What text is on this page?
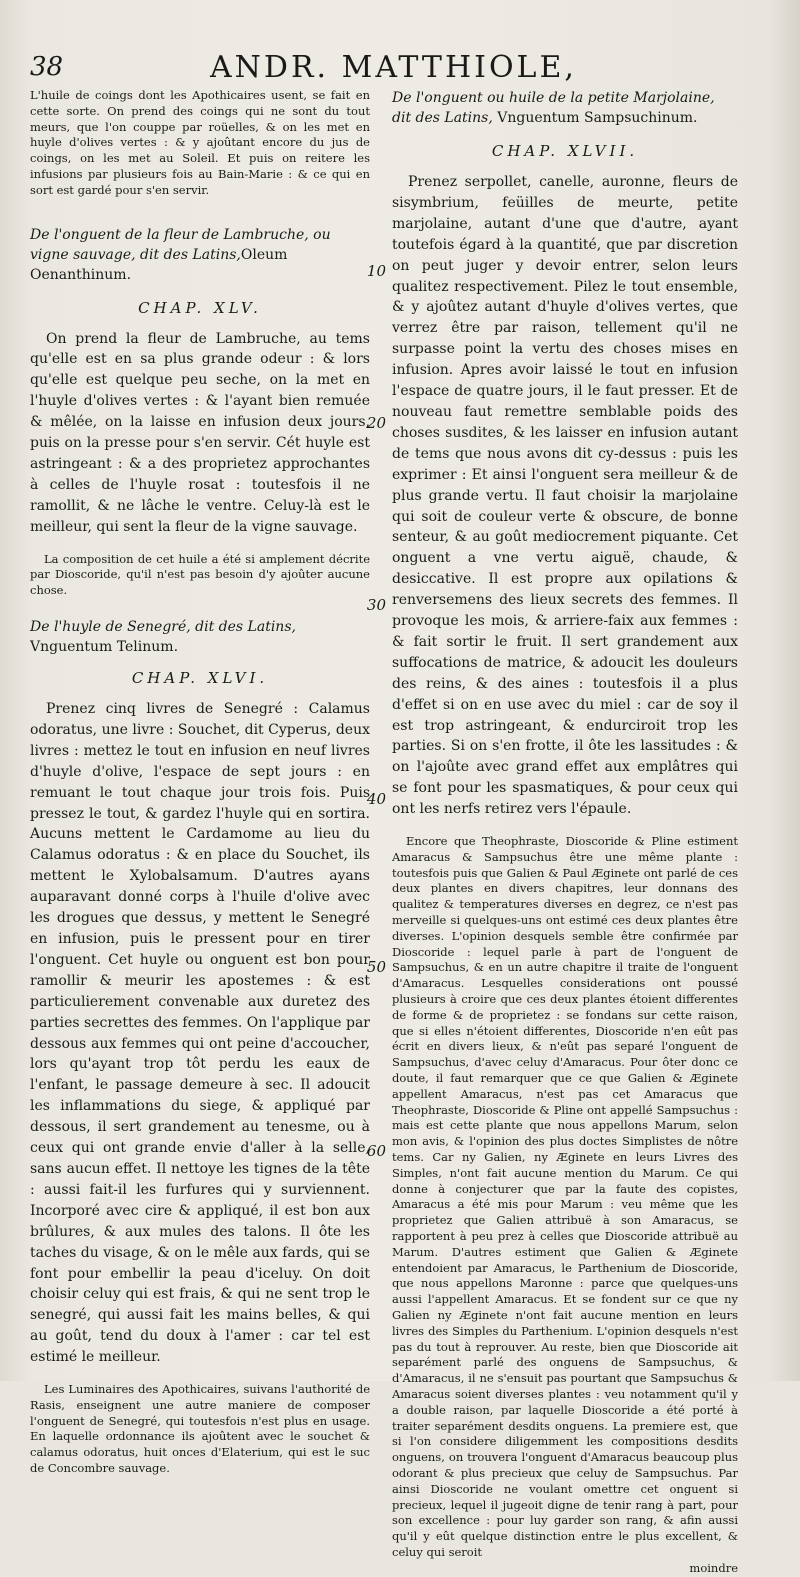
38	ANDR. MATTHIOLE,

L'huile de coings dont les Apothicaires usent, se fait en cette sorte. On prend des coings qui ne sont du tout meurs, que l'on couppe par roüelles, & on les met en huyle d'olives vertes : & y ajoûtant encore du jus de coings, on les met au Soleil. Et puis on reitere les infusions par plusieurs fois au Bain-Marie : & ce qui en sort est gardé pour s'en servir.

De l'onguent de la fleur de Lambruche, ou vigne sauvage, dit des Latins,Oleum Oenanthinum.

CHAP. XLV.

On prend la fleur de Lambruche, au tems qu'elle est en sa plus grande odeur : & lors qu'elle est quelque peu seche, on la met en l'huyle d'olives vertes : & l'ayant bien remuée & mêlée, on la laisse en infusion deux jours, puis on la presse pour s'en servir. Cét huyle est astringeant : & a des proprietez approchantes à celles de l'huyle rosat : toutesfois il ne ramollit, & ne lâche le ventre. Celuy-là est le meilleur, qui sent la fleur de la vigne sauvage.

La composition de cet huile a été si amplement décrite par Dioscoride, qu'il n'est pas besoin d'y ajoûter aucune chose.

De l'huyle de Senegré, dit des Latins, Vnguentum Telinum.

CHAP. XLVI.

Prenez cinq livres de Senegré : Calamus odoratus, une livre : Souchet, dit Cyperus, deux livres : mettez le tout en infusion en neuf livres d'huyle d'olive, l'espace de sept jours : en remuant le tout chaque jour trois fois. Puis pressez le tout, & gardez l'huyle qui en sortira. Aucuns mettent le Cardamome au lieu du Calamus odoratus : & en place du Souchet, ils mettent le Xylobalsamum. D'autres ayans auparavant donné corps à l'huile d'olive avec les drogues que dessus, y mettent le Senegré en infusion, puis le pressent pour en tirer l'onguent. Cet huyle ou onguent est bon pour ramollir & meurir les apostemes : & est particulierement convenable aux duretez des parties secrettes des femmes. On l'applique par dessous aux femmes qui ont peine d'accoucher, lors qu'ayant trop tôt perdu les eaux de l'enfant, le passage demeure à sec. Il adoucit les inflammations du siege, & appliqué par dessous, il sert grandement au tenesme, ou à ceux qui ont grande envie d'aller à la selle, sans aucun effet. Il nettoye les tignes de la tête : aussi fait-il les furfures qui y surviennent. Incorporé avec cire & appliqué, il est bon aux brûlures, & aux mules des talons. Il ôte les taches du visage, & on le mêle aux fards, qui se font pour embellir la peau d'iceluy. On doit choisir celuy qui est frais, & qui ne sent trop le senegré, qui aussi fait les mains belles, & qui au goût, tend du doux à l'amer : car tel est estimé le meilleur.

Les Luminaires des Apothicaires, suivans l'authorité de Rasis, enseignent une autre maniere de composer l'onguent de Senegré, qui toutesfois n'est plus en usage. En laquelle ordonnance ils ajoûtent avec le souchet & calamus odoratus, huit onces d'Elaterium, qui est le suc de Concombre sauvage.

De l'onguent ou huile de la petite Marjolaine, dit des Latins, Vnguentum Sampsuchinum.

CHAP. XLVII.

Prenez serpollet, canelle, auronne, fleurs de sisymbrium, feüilles de meurte, petite marjolaine, autant d'une que d'autre, ayant toutefois égard à la quantité, que par discretion on peut juger y devoir entrer, selon leurs qualitez respectivement. Pilez le tout ensemble, & y ajoûtez autant d'huyle d'olives vertes, que verrez être par raison, tellement qu'il ne surpasse point la vertu des choses mises en infusion. Apres avoir laissé le tout en infusion l'espace de quatre jours, il le faut presser. Et de nouveau faut remettre semblable poids des choses susdites, & les laisser en infusion autant de tems que nous avons dit cy-dessus : puis les exprimer : Et ainsi l'onguent sera meilleur & de plus grande vertu. Il faut choisir la marjolaine qui soit de couleur verte & obscure, de bonne senteur, & au goût mediocrement piquante. Cet onguent a vne vertu aiguë, chaude, & desiccative. Il est propre aux opilations & renversemens des lieux secrets des femmes. Il provoque les mois, & arriere-faix aux femmes : & fait sortir le fruit. Il sert grandement aux suffocations de matrice, & adoucit les douleurs des reins, & des aines : toutesfois il a plus d'effet si on en use avec du miel : car de soy il est trop astringeant, & endurciroit trop les parties. Si on s'en frotte, il ôte les lassitudes : & on l'ajoûte avec grand effet aux emplâtres qui se font pour les spasmatiques, & pour ceux qui ont les nerfs retirez vers l'épaule.

Encore que Theophraste, Dioscoride & Pline estiment Amaracus & Sampsuchus être une même plante : toutesfois puis que Galien & Paul Æginete ont parlé de ces deux plantes en divers chapitres, leur donnans des qualitez & temperatures diverses en degrez, ce n'est pas merveille si quelques-uns ont estimé ces deux plantes être diverses. L'opinion desquels semble être confirmée par Dioscoride : lequel parle à part de l'onguent de Sampsuchus, & en un autre chapitre il traite de l'onguent d'Amaracus. Lesquelles considerations ont poussé plusieurs à croire que ces deux plantes étoient differentes de forme & de proprietez : se fondans sur cette raison, que si elles n'étoient differentes, Dioscoride n'en eût pas écrit en divers lieux, & n'eût pas separé l'onguent de Sampsuchus, d'avec celuy d'Amaracus. Pour ôter donc ce doute, il faut remarquer que ce que Galien & Æginete appellent Amaracus, n'est pas cet Amaracus que Theophraste, Dioscoride & Pline ont appellé Sampsuchus : mais est cette plante que nous appellons Marum, selon mon avis, & l'opinion des plus doctes Simplistes de nôtre tems. Car ny Galien, ny Æginete en leurs Livres des Simples, n'ont fait aucune mention du Marum. Ce qui donne à conjecturer que par la faute des copistes, Amaracus a été mis pour Marum : veu même que les proprietez que Galien attribuë à son Amaracus, se rapportent à peu prez à celles que Dioscoride attribuë au Marum. D'autres estiment que Galien & Æginete entendoient par Amaracus, le Parthenium de Dioscoride, que nous appellons Maronne : parce que quelques-uns aussi l'appellent Amaracus. Et se fondent sur ce que ny Galien ny Æginete n'ont fait aucune mention en leurs livres des Simples du Parthenium. L'opinion desquels n'est pas du tout à reprouver. Au reste, bien que Dioscoride ait separément parlé des onguens de Sampsuchus, & d'Amaracus, il ne s'ensuit pas pourtant que Sampsuchus & Amaracus soient diverses plantes : veu notamment qu'il y a double raison, par laquelle Dioscoride a été porté à traiter separément desdits onguens. La premiere est, que si l'on considere diligemment les compositions desdits onguens, on trouvera l'onguent d'Amaracus beaucoup plus odorant & plus precieux que celuy de Sampsuchus. Par ainsi Dioscoride ne voulant omettre cet onguent si precieux, lequel il jugeoit digne de tenir rang à part, pour son excellence : pour luy garder son rang, & afin aussi qu'il y eût quelque distinction entre le plus excellent, & celuy qui seroit

moindre

10
20
30
40
50
60
